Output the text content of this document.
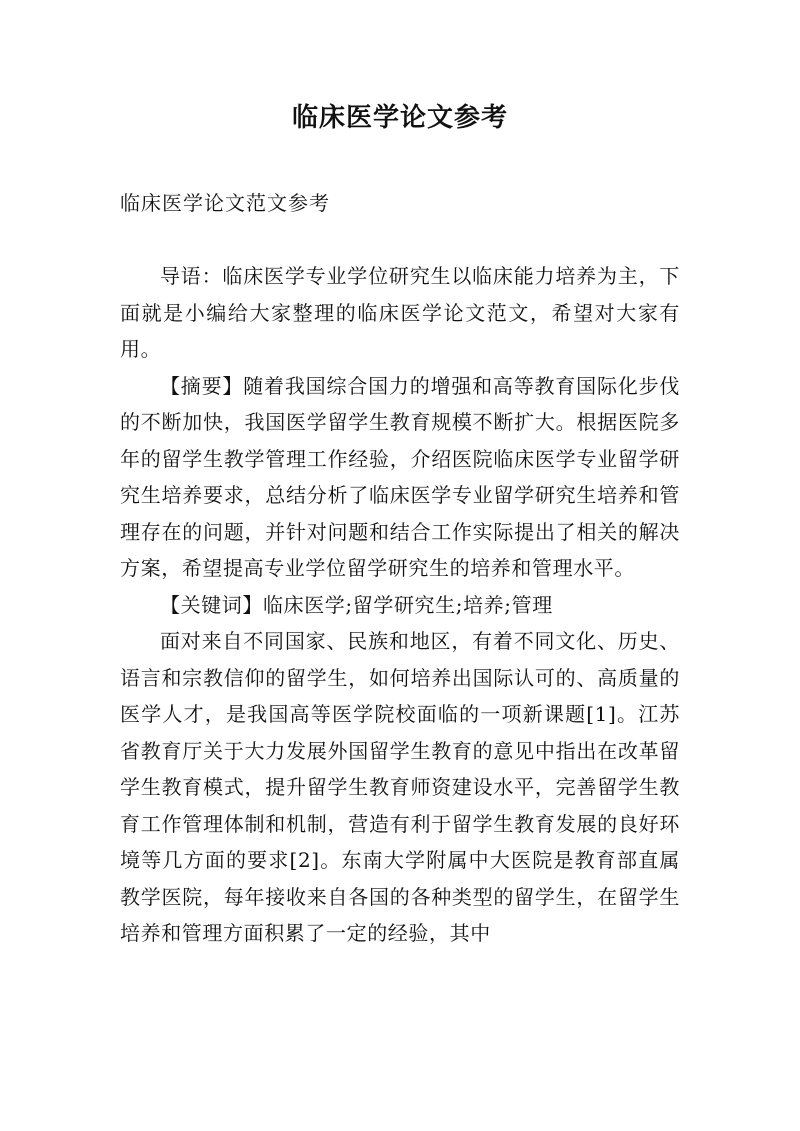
临床医学论文参考
临床医学论文范文参考

导语：临床医学专业学位研究生以临床能力培养为主，下面就是小编给大家整理的临床医学论文范文，希望对大家有用。

【摘要】随着我国综合国力的增强和高等教育国际化步伐的不断加快，我国医学留学生教育规模不断扩大。根据医院多年的留学生教学管理工作经验，介绍医院临床医学专业留学研究生培养要求，总结分析了临床医学专业留学研究生培养和管理存在的问题，并针对问题和结合工作实际提出了相关的解决方案，希望提高专业学位留学研究生的培养和管理水平。

【关键词】临床医学;留学研究生;培养;管理

面对来自不同国家、民族和地区，有着不同文化、历史、语言和宗教信仰的留学生，如何培养出国际认可的、高质量的医学人才，是我国高等医学院校面临的一项新课题[1]。江苏省教育厅关于大力发展外国留学生教育的意见中指出在改革留学生教育模式，提升留学生教育师资建设水平，完善留学生教育工作管理体制和机制，营造有利于留学生教育发展的良好环境等几方面的要求[2]。东南大学附属中大医院是教育部直属教学医院，每年接收来自各国的各种类型的留学生，在留学生培养和管理方面积累了一定的经验，其中
